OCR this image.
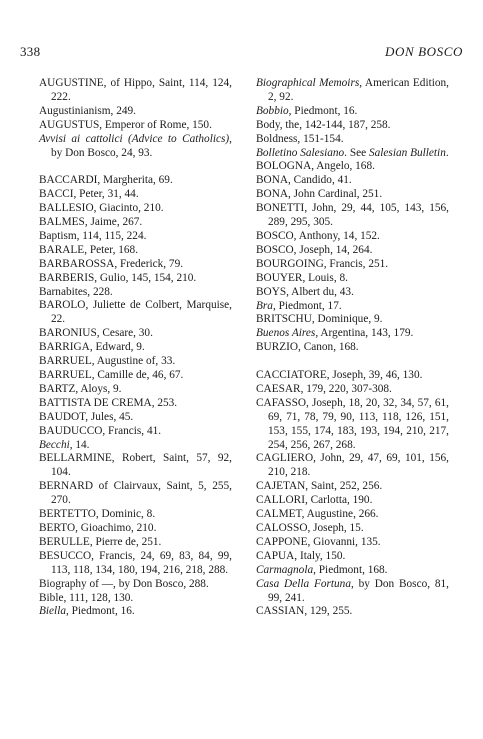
338	DON BOSCO
AUGUSTINE, of Hippo, Saint, 114, 124, 222.
Augustinianism, 249.
AUGUSTUS, Emperor of Rome, 150.
Avvisi ai cattolici (Advice to Catholics), by Don Bosco, 24, 93.
BACCARDI, Margherita, 69.
BACCI, Peter, 31, 44.
BALLESIO, Giacinto, 210.
BALMES, Jaime, 267.
Baptism, 114, 115, 224.
BARALE, Peter, 168.
BARBAROSSA, Frederick, 79.
BARBERIS, Gulio, 145, 154, 210.
Barnabites, 228.
BAROLO, Juliette de Colbert, Marquise, 22.
BARONIUS, Cesare, 30.
BARRIGA, Edward, 9.
BARRUEL, Augustine of, 33.
BARRUEL, Camille de, 46, 67.
BARTZ, Aloys, 9.
BATTISTA DE CREMA, 253.
BAUDOT, Jules, 45.
BAUDUCCO, Francis, 41.
Becchi, 14.
BELLARMINE, Robert, Saint, 57, 92, 104.
BERNARD of Clairvaux, Saint, 5, 255, 270.
BERTETTO, Dominic, 8.
BERTO, Gioachimo, 210.
BERULLE, Pierre de, 251.
BESUCCO, Francis, 24, 69, 83, 84, 99, 113, 118, 134, 180, 194, 216, 218, 288.
Biography of —, by Don Bosco, 288.
Bible, 111, 128, 130.
Biella, Piedmont, 16.
Biographical Memoirs, American Edition, 2, 92.
Bobbio, Piedmont, 16.
Body, the, 142-144, 187, 258.
Boldness, 151-154.
Bolletino Salesiano. See Salesian Bulletin.
BOLOGNA, Angelo, 168.
BONA, Candido, 41.
BONA, John Cardinal, 251.
BONETTI, John, 29, 44, 105, 143, 156, 289, 295, 305.
BOSCO, Anthony, 14, 152.
BOSCO, Joseph, 14, 264.
BOURGOING, Francis, 251.
BOUYER, Louis, 8.
BOYS, Albert du, 43.
Bra, Piedmont, 17.
BRITSCHU, Dominique, 9.
Buenos Aires, Argentina, 143, 179.
BURZIO, Canon, 168.
CACCIATORE, Joseph, 39, 46, 130.
CAESAR, 179, 220, 307-308.
CAFASSO, Joseph, 18, 20, 32, 34, 57, 61, 69, 71, 78, 79, 90, 113, 118, 126, 151, 153, 155, 174, 183, 193, 194, 210, 217, 254, 256, 267, 268.
CAGLIERO, John, 29, 47, 69, 101, 156, 210, 218.
CAJETAN, Saint, 252, 256.
CALLORI, Carlotta, 190.
CALMET, Augustine, 266.
CALOSSO, Joseph, 15.
CAPPONE, Giovanni, 135.
CAPUA, Italy, 150.
Carmagnola, Piedmont, 168.
Casa Della Fortuna, by Don Bosco, 81, 99, 241.
CASSIAN, 129, 255.
